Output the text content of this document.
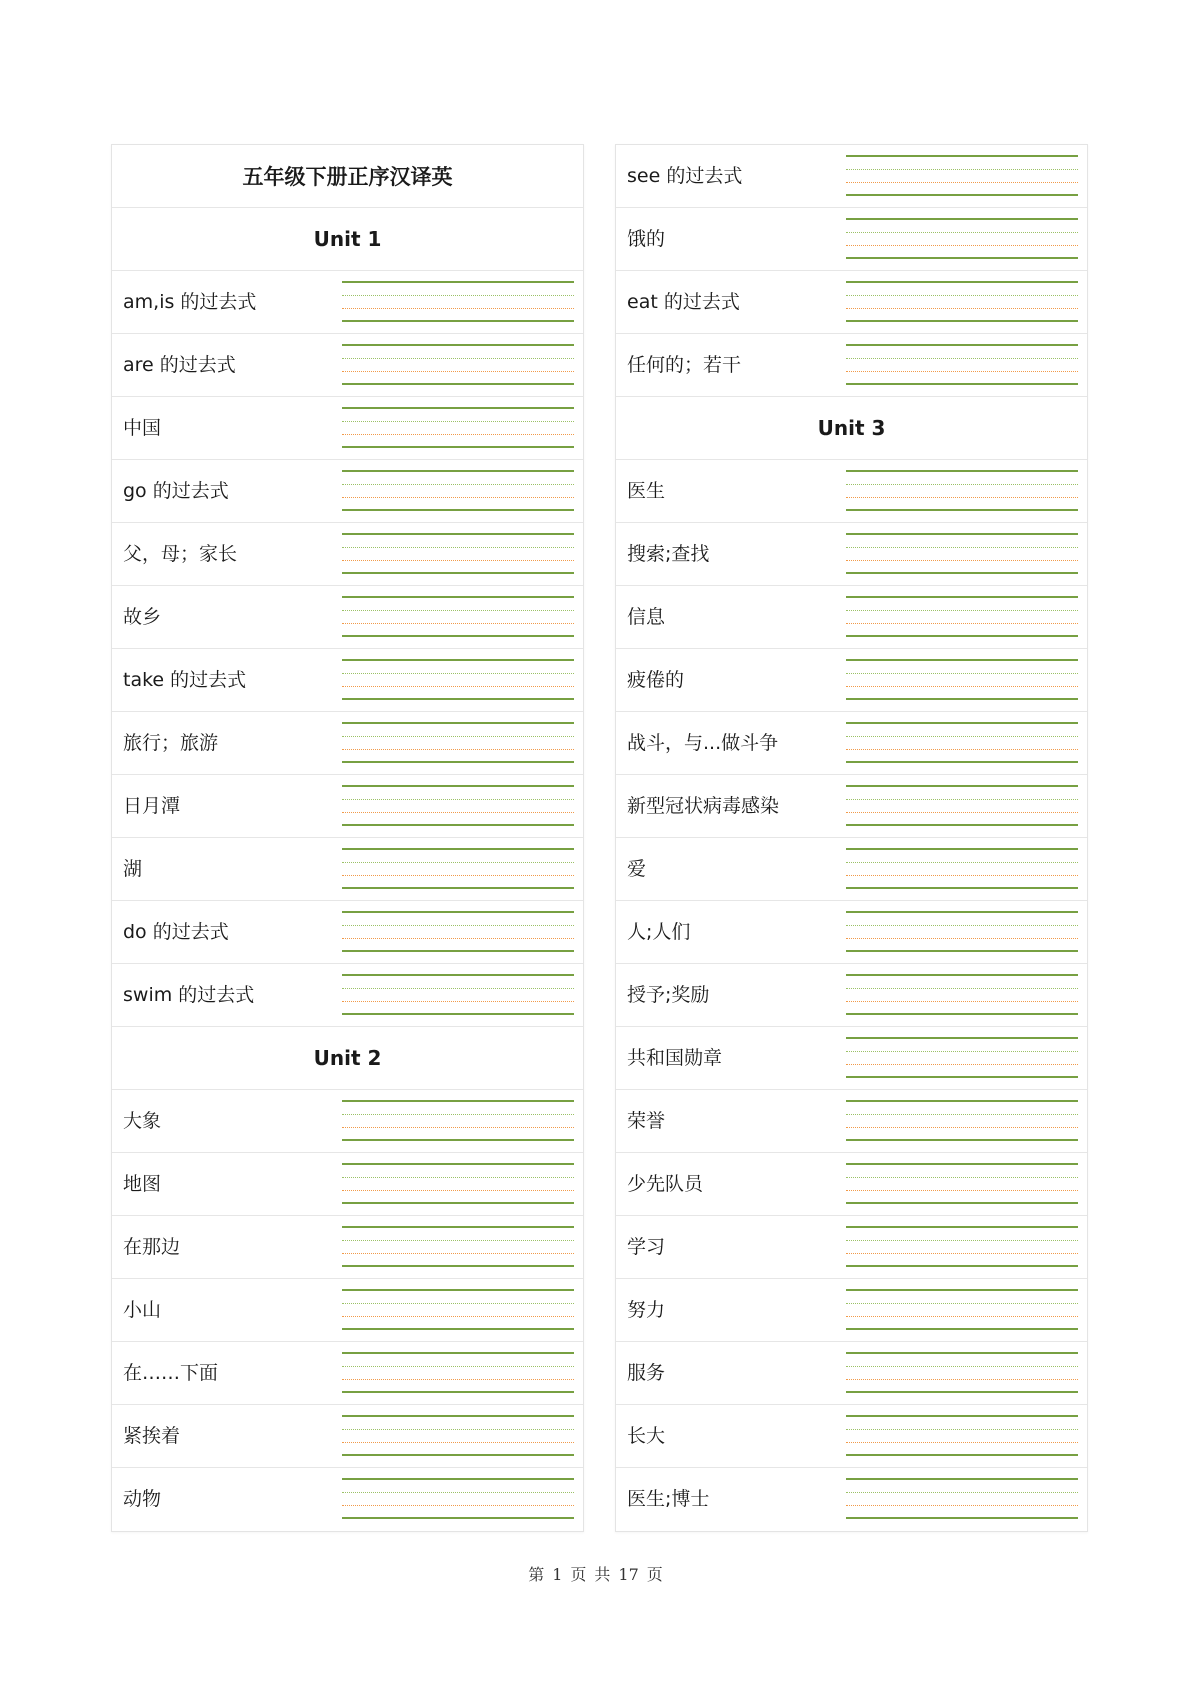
五年级下册正序汉译英
Unit 1
am,is 的过去式
are 的过去式
中国
go 的过去式
父，母；家长
故乡
take 的过去式
旅行；旅游
日月潭
湖
do 的过去式
swim 的过去式
Unit 2
大象
地图
在那边
小山
在……下面
紧挨着
动物
see 的过去式
饿的
eat 的过去式
任何的；若干
Unit 3
医生
搜索;查找
信息
疲倦的
战斗，与...做斗争
新型冠状病毒感染
爱
人;人们
授予;奖励
共和国勋章
荣誉
少先队员
学习
努力
服务
长大
医生;博士
第 1 页 共 17 页
